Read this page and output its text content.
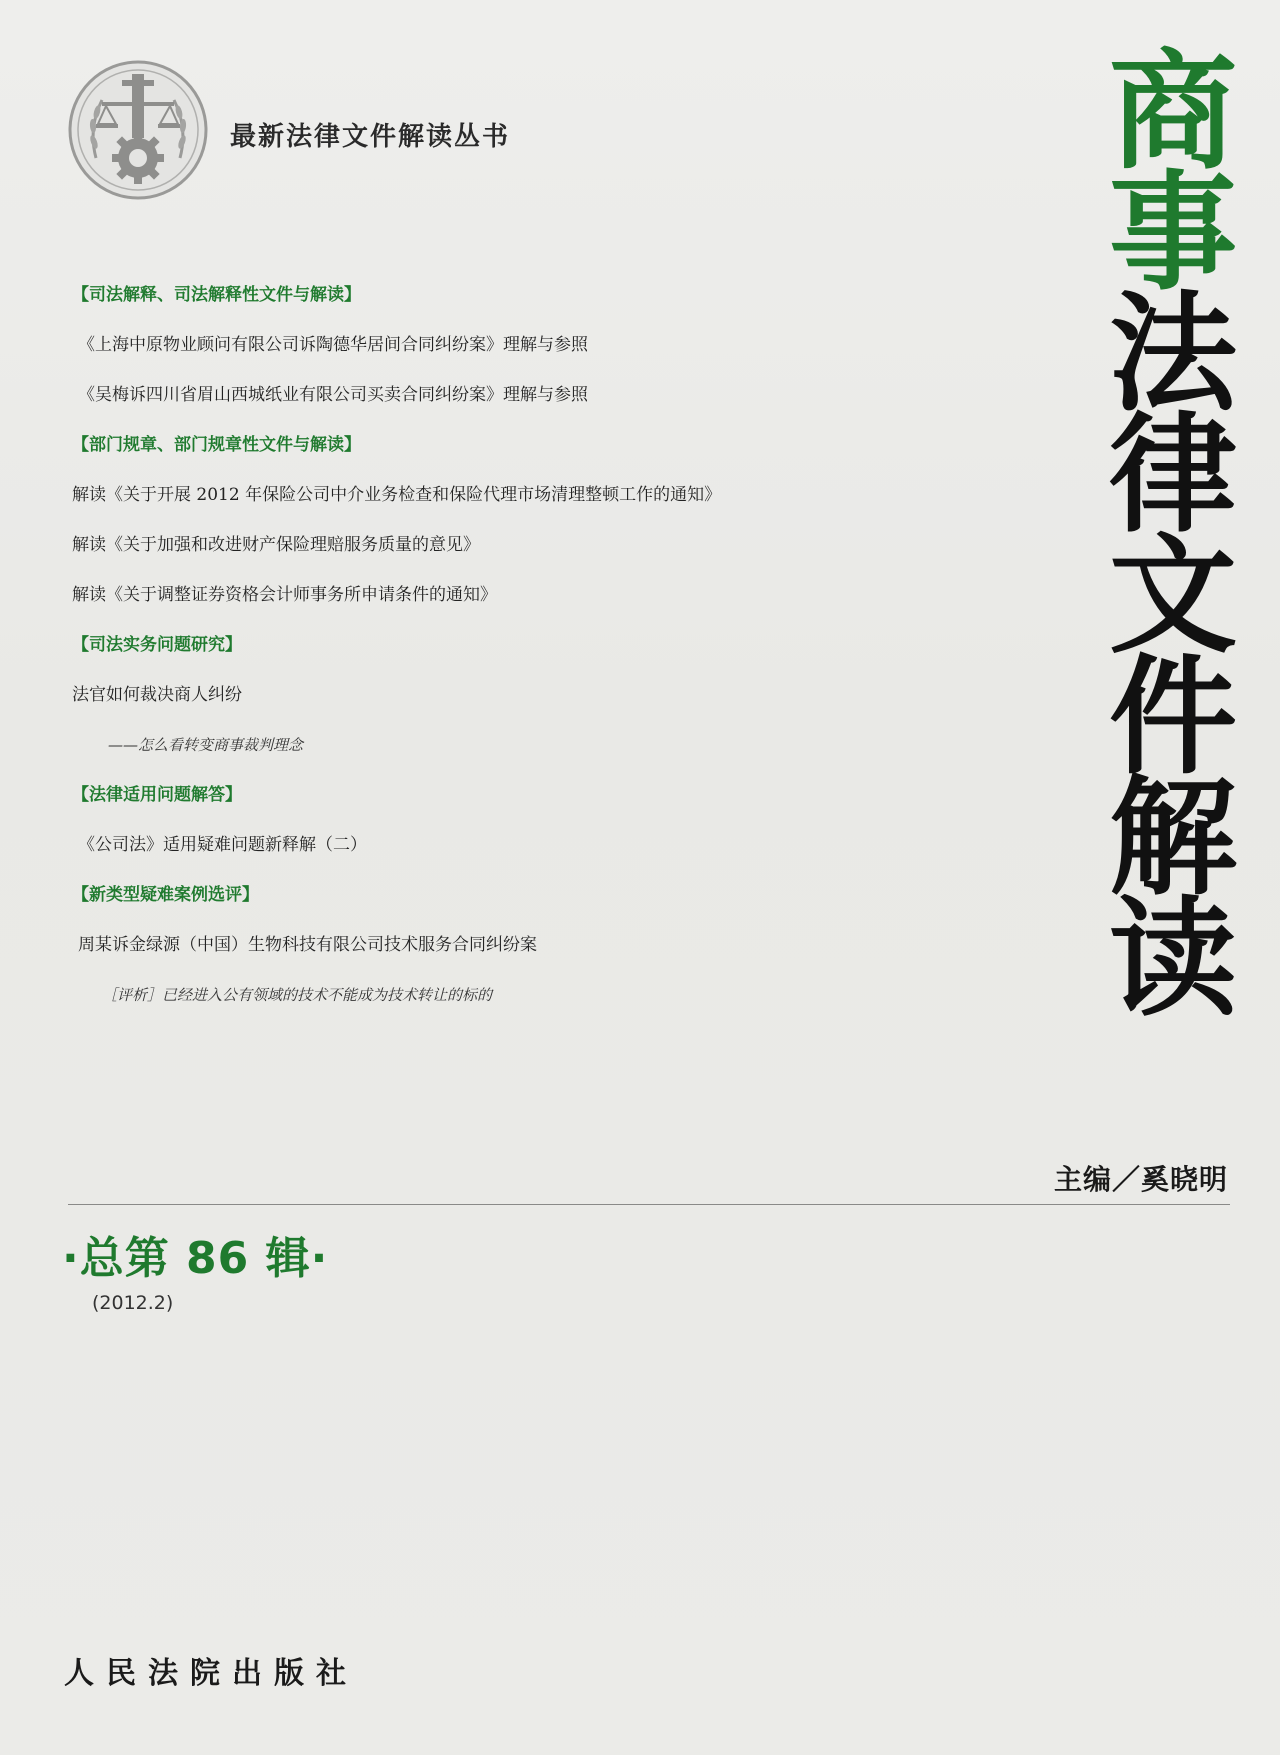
最新法律文件解读丛书	商
事
法
律
文
件
解
读
【司法解释、司法解释性文件与解读】
《上海中原物业顾问有限公司诉陶德华居间合同纠纷案》理解与参照
《吴梅诉四川省眉山西城纸业有限公司买卖合同纠纷案》理解与参照
【部门规章、部门规章性文件与解读】
解读《关于开展 2012 年保险公司中介业务检查和保险代理市场清理整顿工作的通知》
解读《关于加强和改进财产保险理赔服务质量的意见》
解读《关于调整证券资格会计师事务所申请条件的通知》
【司法实务问题研究】
法官如何裁决商人纠纷
——怎么看转变商事裁判理念
【法律适用问题解答】
《公司法》适用疑难问题新释解（二）
【新类型疑难案例选评】
周某诉金绿源（中国）生物科技有限公司技术服务合同纠纷案
［评析］已经进入公有领域的技术不能成为技术转让的标的
主编／奚晓明
·总第 86 辑·
(2012.2)
人民法院出版社
